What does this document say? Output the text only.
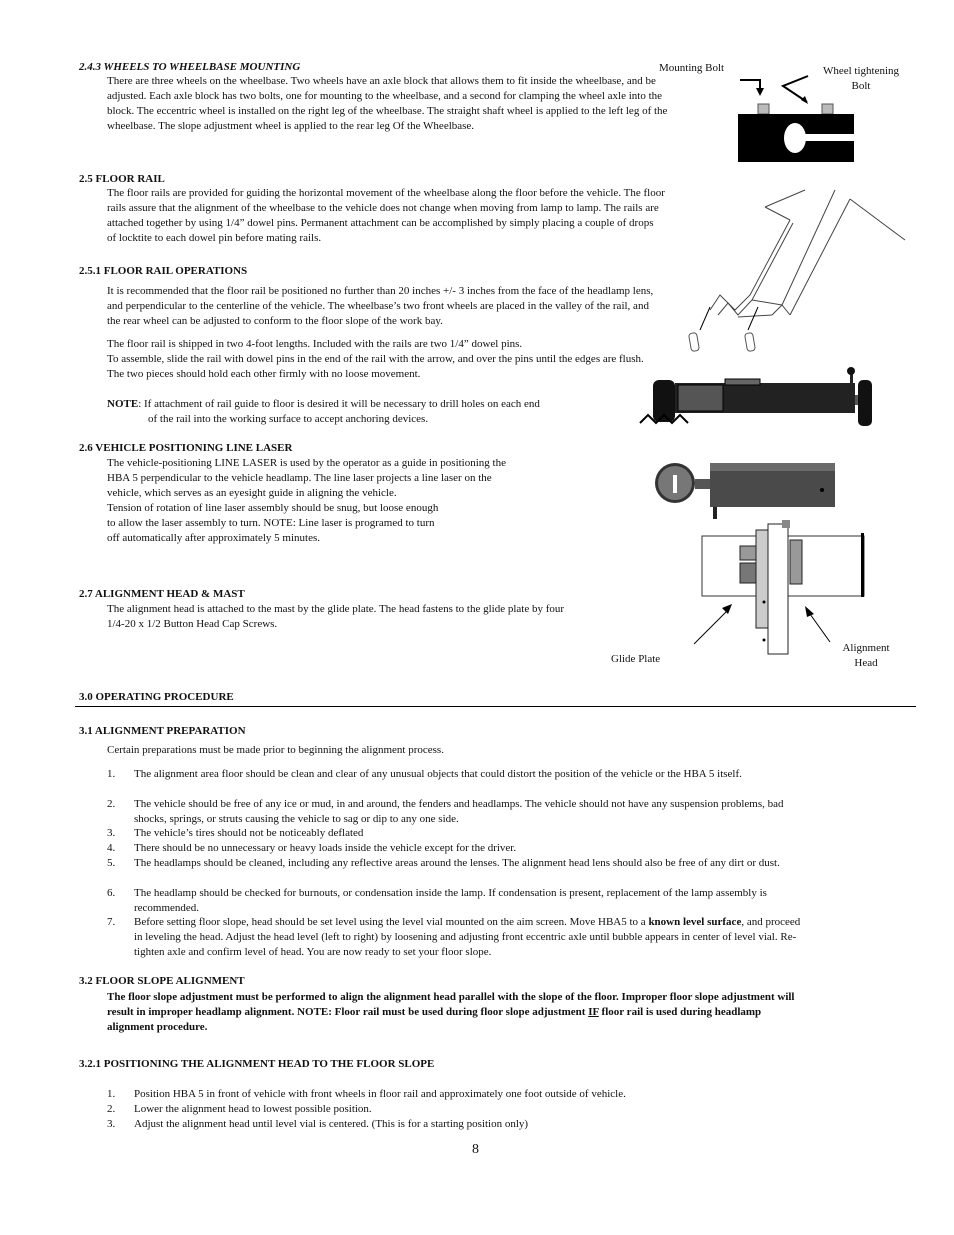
2.4.3 WHEELS TO WHEELBASE MOUNTING
There are three wheels on the wheelbase. Two wheels have an axle block that allows them to fit inside the wheelbase, and be adjusted. Each axle block has two bolts, one for mounting to the wheelbase, and a second for clamping the wheel axle into the block. The eccentric wheel is installed on the right leg of the wheelbase. The straight shaft wheel is applied to the left leg of the wheelbase. The slope adjustment wheel is applied to the rear leg Of the Wheelbase.
2.5 FLOOR RAIL
The floor rails are provided for guiding the horizontal movement of the wheelbase along the floor before the vehicle. The floor rails assure that the alignment of the wheelbase to the vehicle does not change when moving from lamp to lamp. The rails are attached together by using 1/4” dowel pins. Permanent attachment can be accomplished by simply placing a couple of drops of locktite to each dowel pin before mating rails.
2.5.1 FLOOR RAIL OPERATIONS
It is recommended that the floor rail be positioned no further than 20 inches +/- 3 inches from the face of the headlamp lens, and perpendicular to the centerline of the vehicle. The wheelbase’s two front wheels are placed in the valley of the rail, and the rear wheel can be adjusted to conform to the floor slope of the work bay.
The floor rail is shipped in two 4-foot lengths. Included with the rails are two 1/4” dowel pins.
To assemble, slide the rail with dowel pins in the end of the rail with the arrow, and over the pins until the edges are flush. The two pieces should hold each other firmly with no loose movement.
NOTE: If attachment of rail guide to floor is desired it will be necessary to drill holes on each end
of the rail into the working surface to accept anchoring devices.
2.6 VEHICLE POSITIONING LINE LASER
The vehicle-positioning LINE LASER is used by the operator as a guide in positioning the
HBA 5 perpendicular to the vehicle headlamp. The line laser projects a line laser on the
vehicle, which serves as an eyesight guide in aligning the vehicle.
Tension of rotation of line laser assembly should be snug, but loose enough
to allow the laser assembly to turn. NOTE: Line laser is programed to turn
off automatically after approximately 5 minutes.
2.7 ALIGNMENT HEAD & MAST
The alignment head is attached to the mast by the glide plate. The head fastens to the glide plate by four 1/4-20 x 1/2 Button Head Cap Screws.
3.0 OPERATING PROCEDURE
3.1 ALIGNMENT PREPARATION
Certain preparations must be made prior to beginning the alignment process.
1. The alignment area floor should be clean and clear of any unusual objects that could distort the position of the vehicle or the HBA 5 itself.
2. The vehicle should be free of any ice or mud, in and around, the fenders and headlamps. The vehicle should not have any suspension problems, bad shocks, springs, or struts causing the vehicle to sag or dip to any one side.
3. The vehicle’s tires should not be noticeably deflated
4. There should be no unnecessary or heavy loads inside the vehicle except for the driver.
5. The headlamps should be cleaned, including any reflective areas around the lenses. The alignment head lens should also be free of any dirt or dust.
6. The headlamp should be checked for burnouts, or condensation inside the lamp. If condensation is present, replacement of the lamp assembly is recommended.
7. Before setting floor slope, head should be set level using the level vial mounted on the aim screen. Move HBA5 to a known level surface, and proceed in leveling the head. Adjust the head level (left to right) by loosening and adjusting front eccentric axle until bubble appears in center of level vial. Re-tighten axle and confirm level of head. You are now ready to set your floor slope.
3.2 FLOOR SLOPE ALIGNMENT
The floor slope adjustment must be performed to align the alignment head parallel with the slope of the floor. Improper floor slope adjustment will result in improper headlamp alignment. NOTE: Floor rail must be used during floor slope adjustment IF floor rail is used during headlamp alignment procedure.
3.2.1 POSITIONING THE ALIGNMENT HEAD TO THE FLOOR SLOPE
1. Position HBA 5 in front of vehicle with front wheels in floor rail and approximately one foot outside of vehicle.
2. Lower the alignment head to lowest possible position.
3. Adjust the alignment head until level vial is centered. (This is for a starting position only)
8
Mounting Bolt	Wheel tightening
Bolt
Glide Plate
Alignment
Head
